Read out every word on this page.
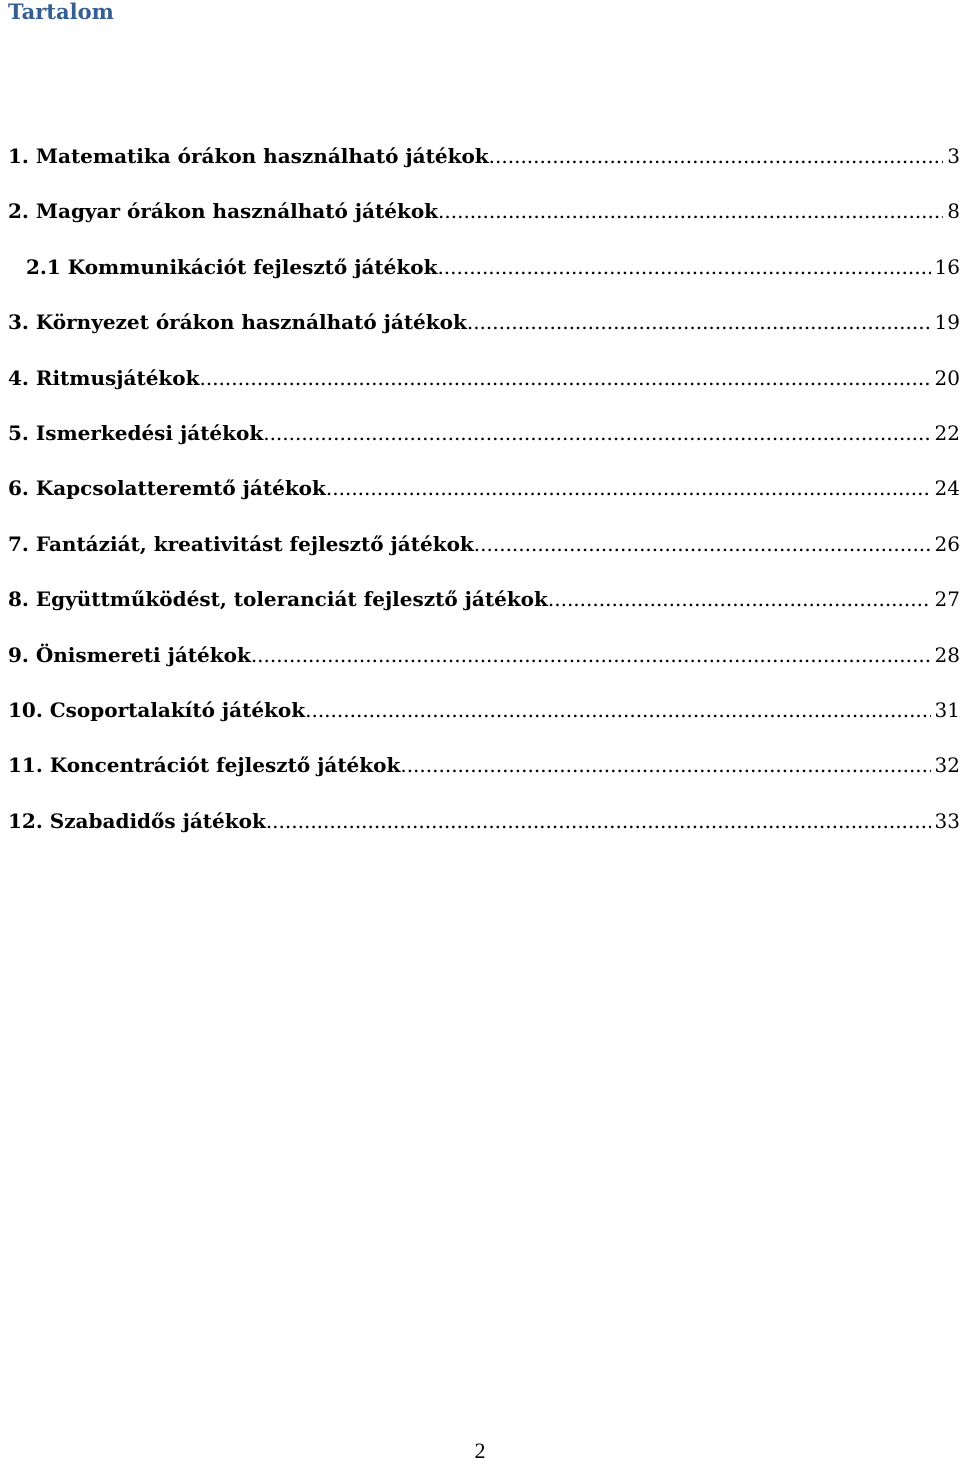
Tartalom
1. Matematika órákon használható játékok .....	3
2. Magyar órákon használható játékok .....	8
2.1 Kommunikációt fejlesztő játékok .....	16
3. Környezet órákon használható játékok .....	19
4. Ritmusjátékok .....	20
5. Ismerkedési játékok .....	22
6. Kapcsolatteremtő játékok .....	24
7. Fantáziát, kreativitást fejlesztő játékok .....	26
8. Együttműködést, toleranciát fejlesztő játékok .....	27
9. Önismereti játékok .....	28
10. Csoportalakító játékok .....	31
11. Koncentrációt fejlesztő játékok .....	32
12. Szabadidős játékok .....	33
2
